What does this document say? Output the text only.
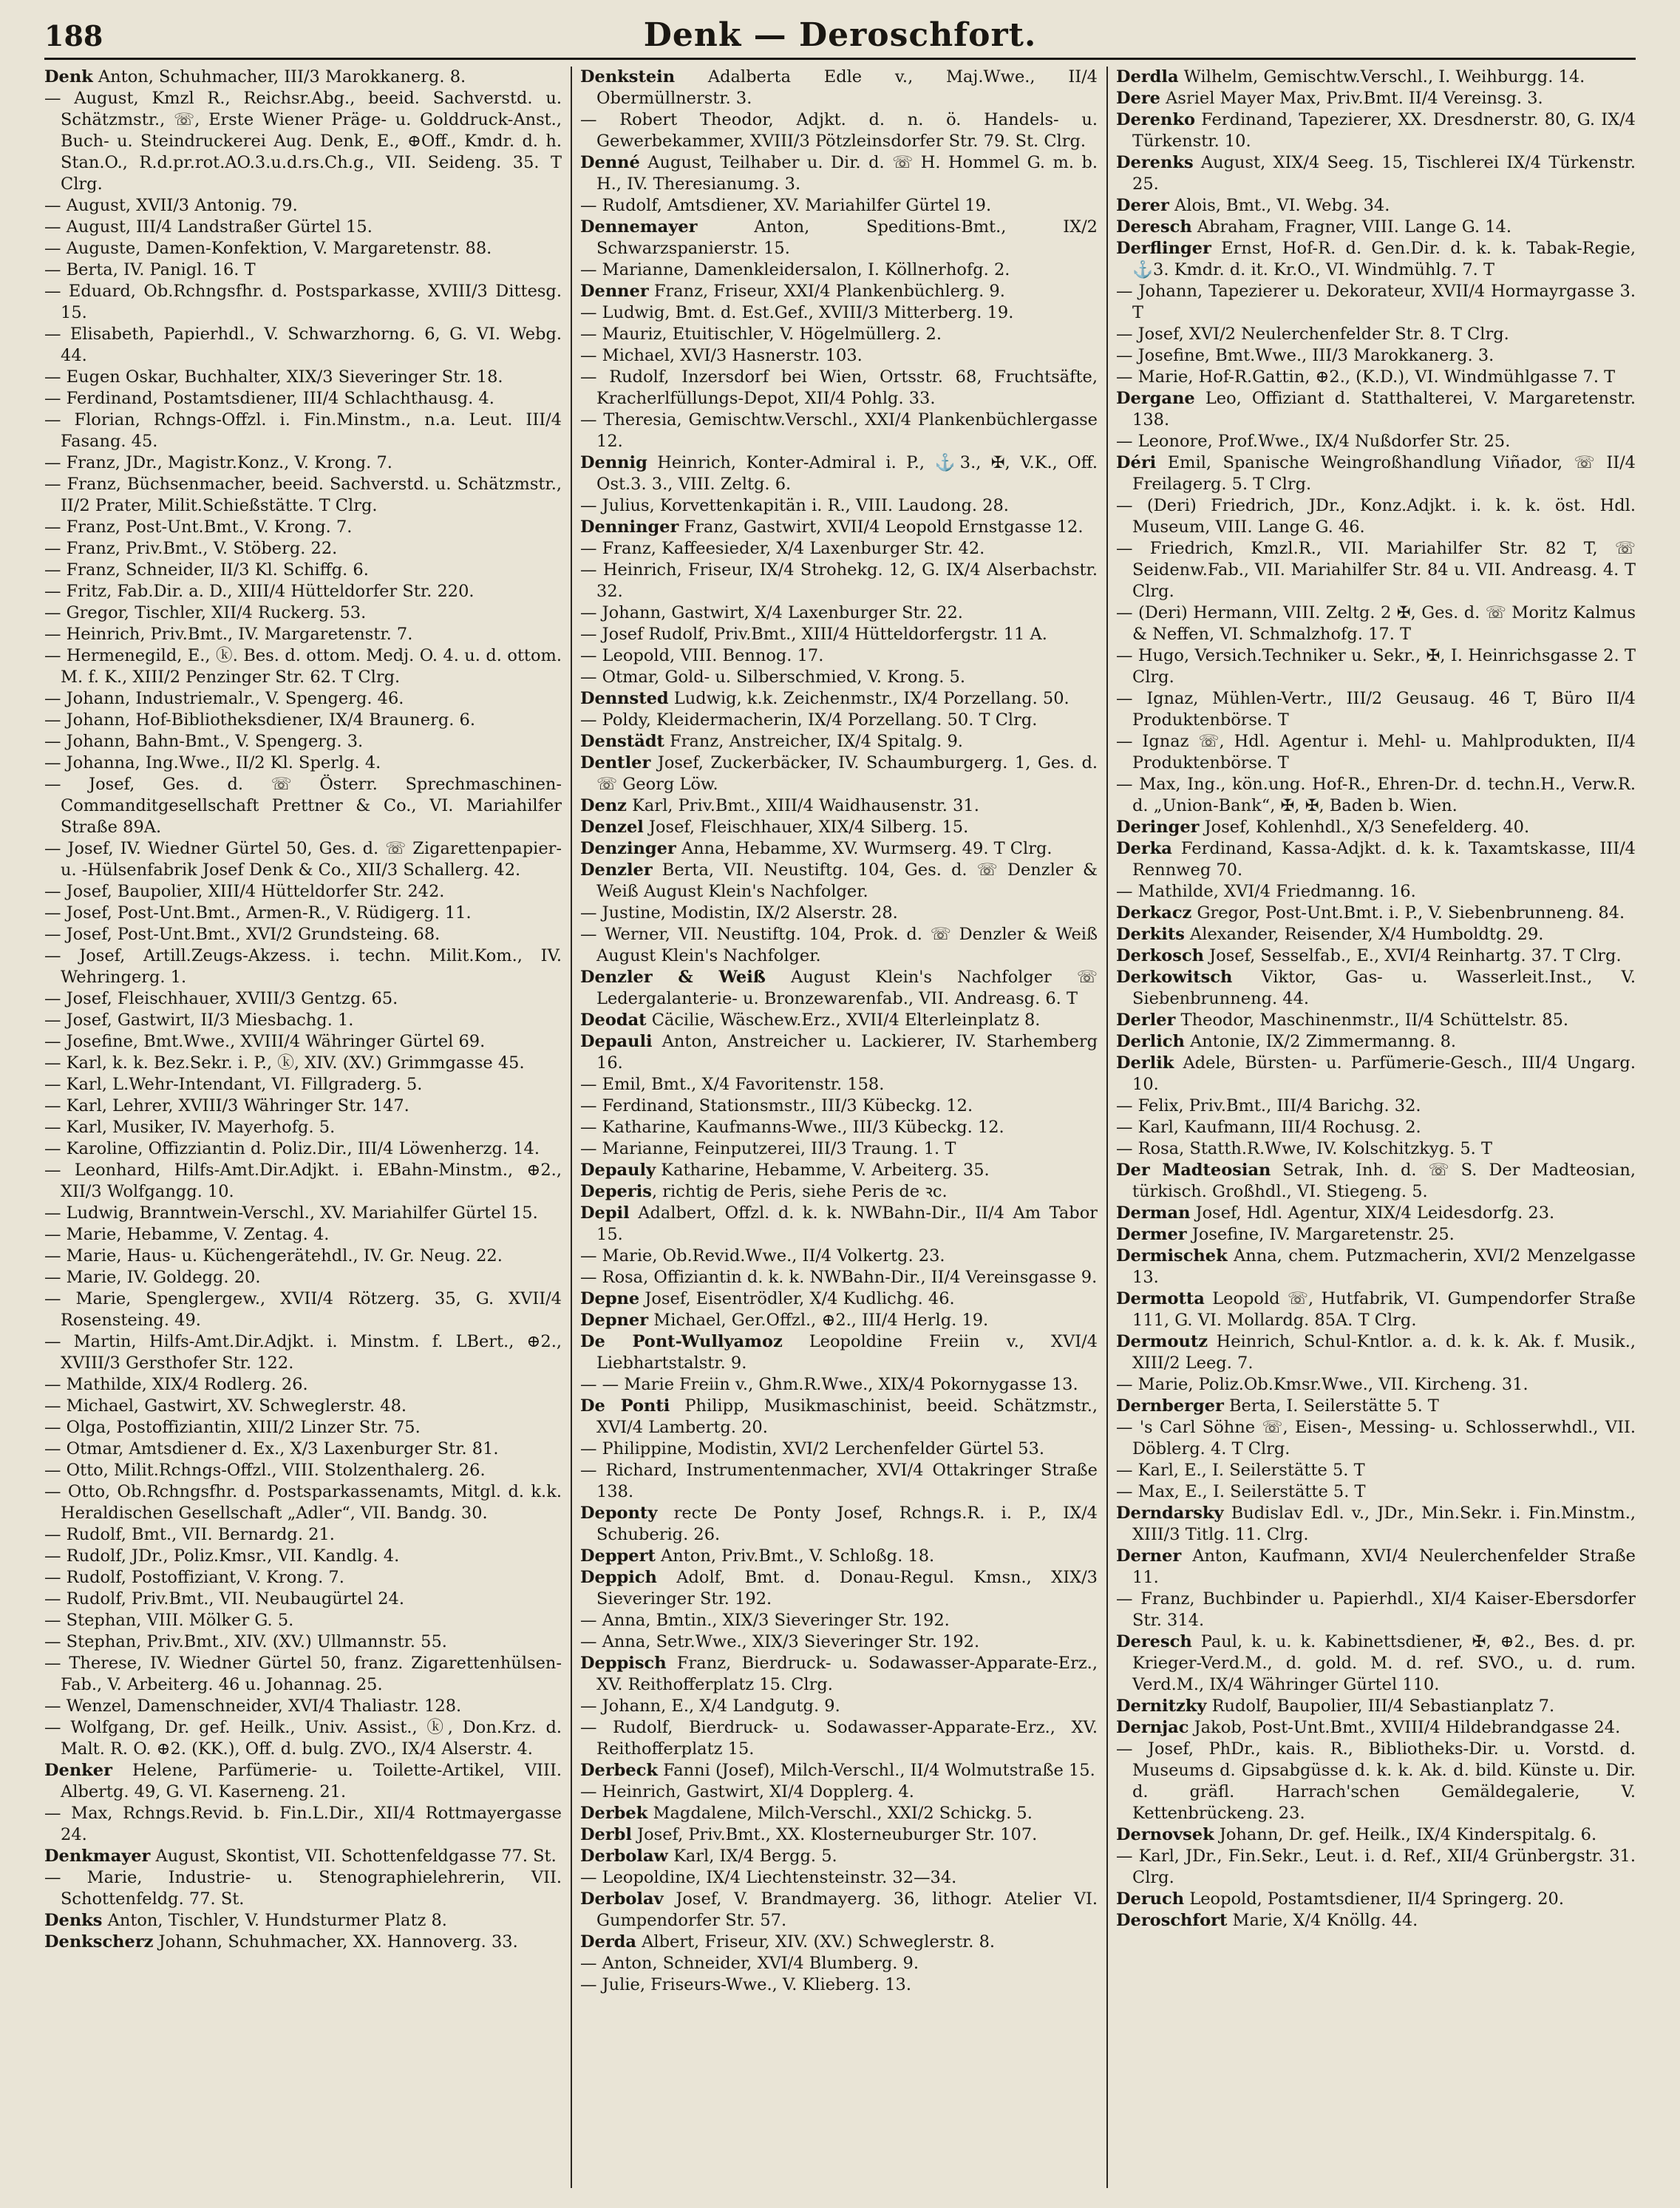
188	Denk — Deroschfort.

Denk Anton, Schuhmacher, III/3 Marokkanerg. 8.

— August, Kmzl R., Reichsr.Abg., beeid. Sachverstd. u. Schätzmstr., ☏, Erste Wiener Präge- u. Golddruck-Anst., Buch- u. Steindruckerei Aug. Denk, E., ⊕Off., Kmdr. d. h. Stan.O., R.d.pr.rot.AO.3.u.d.rs.Ch.g., VII. Seideng. 35. T Clrg.

— August, XVII/3 Antonig. 79.

— August, III/4 Landstraßer Gürtel 15.

— Auguste, Damen-Konfektion, V. Margaretenstr. 88.

— Berta, IV. Panigl. 16. T

— Eduard, Ob.Rchngsfhr. d. Postsparkasse, XVIII/3 Dittesg. 15.

— Elisabeth, Papierhdl., V. Schwarzhorng. 6, G. VI. Webg. 44.

— Eugen Oskar, Buchhalter, XIX/3 Sieveringer Str. 18.

— Ferdinand, Postamtsdiener, III/4 Schlachthausg. 4.

— Florian, Rchngs-Offzl. i. Fin.Minstm., n.a. Leut. III/4 Fasang. 45.

— Franz, JDr., Magistr.Konz., V. Krong. 7.

— Franz, Büchsenmacher, beeid. Sachverstd. u. Schätzmstr., II/2 Prater, Milit.Schießstätte. T Clrg.

— Franz, Post-Unt.Bmt., V. Krong. 7.

— Franz, Priv.Bmt., V. Stöberg. 22.

— Franz, Schneider, II/3 Kl. Schiffg. 6.

— Fritz, Fab.Dir. a. D., XIII/4 Hütteldorfer Str. 220.

— Gregor, Tischler, XII/4 Ruckerg. 53.

— Heinrich, Priv.Bmt., IV. Margaretenstr. 7.

— Hermenegild, E., ⓚ. Bes. d. ottom. Medj. O. 4. u. d. ottom. M. f. K., XIII/2 Penzinger Str. 62. T Clrg.

— Johann, Industriemalr., V. Spengerg. 46.

— Johann, Hof-Bibliotheksdiener, IX/4 Braunerg. 6.

— Johann, Bahn-Bmt., V. Spengerg. 3.

— Johanna, Ing.Wwe., II/2 Kl. Sperlg. 4.

— Josef, Ges. d. ☏ Österr. Sprechmaschinen-Commanditgesellschaft Prettner & Co., VI. Mariahilfer Straße 89A.

— Josef, IV. Wiedner Gürtel 50, Ges. d. ☏ Zigarettenpapier- u. -Hülsenfabrik Josef Denk & Co., XII/3 Schallerg. 42.

— Josef, Baupolier, XIII/4 Hütteldorfer Str. 242.

— Josef, Post-Unt.Bmt., Armen-R., V. Rüdigerg. 11.

— Josef, Post-Unt.Bmt., XVI/2 Grundsteing. 68.

— Josef, Artill.Zeugs-Akzess. i. techn. Milit.Kom., IV. Wehringerg. 1.

— Josef, Fleischhauer, XVIII/3 Gentzg. 65.

— Josef, Gastwirt, II/3 Miesbachg. 1.

— Josefine, Bmt.Wwe., XVIII/4 Währinger Gürtel 69.

— Karl, k. k. Bez.Sekr. i. P., ⓚ, XIV. (XV.) Grimmgasse 45.

— Karl, L.Wehr-Intendant, VI. Fillgraderg. 5.

— Karl, Lehrer, XVIII/3 Währinger Str. 147.

— Karl, Musiker, IV. Mayerhofg. 5.

— Karoline, Offizziantin d. Poliz.Dir., III/4 Löwenherzg. 14.

— Leonhard, Hilfs-Amt.Dir.Adjkt. i. EBahn-Minstm., ⊕2., XII/3 Wolfgangg. 10.

— Ludwig, Branntwein-Verschl., XV. Mariahilfer Gürtel 15.

— Marie, Hebamme, V. Zentag. 4.

— Marie, Haus- u. Küchengerätehdl., IV. Gr. Neug. 22.

— Marie, IV. Goldegg. 20.

— Marie, Spenglergew., XVII/4 Rötzerg. 35, G. XVII/4 Rosensteing. 49.

— Martin, Hilfs-Amt.Dir.Adjkt. i. Minstm. f. LBert., ⊕2., XVIII/3 Gersthofer Str. 122.

— Mathilde, XIX/4 Rodlerg. 26.

— Michael, Gastwirt, XV. Schweglerstr. 48.

— Olga, Postoffiziantin, XIII/2 Linzer Str. 75.

— Otmar, Amtsdiener d. Ex., X/3 Laxenburger Str. 81.

— Otto, Milit.Rchngs-Offzl., VIII. Stolzenthalerg. 26.

— Otto, Ob.Rchngsfhr. d. Postsparkassenamts, Mitgl. d. k.k. Heraldischen Gesellschaft „Adler“, VII. Bandg. 30.

— Rudolf, Bmt., VII. Bernardg. 21.

— Rudolf, JDr., Poliz.Kmsr., VII. Kandlg. 4.

— Rudolf, Postoffiziant, V. Krong. 7.

— Rudolf, Priv.Bmt., VII. Neubaugürtel 24.

— Stephan, VIII. Mölker G. 5.

— Stephan, Priv.Bmt., XIV. (XV.) Ullmannstr. 55.

— Therese, IV. Wiedner Gürtel 50, franz. Zigarettenhülsen-Fab., V. Arbeiterg. 46 u. Johannag. 25.

— Wenzel, Damenschneider, XVI/4 Thaliastr. 128.

— Wolfgang, Dr. gef. Heilk., Univ. Assist., ⓚ, Don.Krz. d. Malt. R. O. ⊕2. (KK.), Off. d. bulg. ZVO., IX/4 Alserstr. 4.

Denker Helene, Parfümerie- u. Toilette-Artikel, VIII. Albertg. 49, G. VI. Kaserneng. 21.

— Max, Rchngs.Revid. b. Fin.L.Dir., XII/4 Rottmayergasse 24.

Denkmayer August, Skontist, VII. Schottenfeldgasse 77. St.

— Marie, Industrie- u. Stenographielehrerin, VII. Schottenfeldg. 77. St.

Denks Anton, Tischler, V. Hundsturmer Platz 8.

Denkscherz Johann, Schuhmacher, XX. Hannoverg. 33.

Denkstein Adalberta Edle v., Maj.Wwe., II/4 Obermüllnerstr. 3.

— Robert Theodor, Adjkt. d. n. ö. Handels- u. Gewerbekammer, XVIII/3 Pötzleinsdorfer Str. 79. St. Clrg.

Denné August, Teilhaber u. Dir. d. ☏ H. Hommel G. m. b. H., IV. Theresianumg. 3.

— Rudolf, Amtsdiener, XV. Mariahilfer Gürtel 19.

Dennemayer Anton, Speditions-Bmt., IX/2 Schwarzspanierstr. 15.

— Marianne, Damenkleidersalon, I. Köllnerhofg. 2.

Denner Franz, Friseur, XXI/4 Plankenbüchlerg. 9.

— Ludwig, Bmt. d. Est.Gef., XVIII/3 Mitterberg. 19.

— Mauriz, Etuitischler, V. Högelmüllerg. 2.

— Michael, XVI/3 Hasnerstr. 103.

— Rudolf, Inzersdorf bei Wien, Ortsstr. 68, Fruchtsäfte, Kracherlfüllungs-Depot, XII/4 Pohlg. 33.

— Theresia, Gemischtw.Verschl., XXI/4 Plankenbüchlergasse 12.

Dennig Heinrich, Konter-Admiral i. P., ⚓3., ✠, V.K., Off. Ost.3. 3., VIII. Zeltg. 6.

— Julius, Korvettenkapitän i. R., VIII. Laudong. 28.

Denninger Franz, Gastwirt, XVII/4 Leopold Ernstgasse 12.

— Franz, Kaffeesieder, X/4 Laxenburger Str. 42.

— Heinrich, Friseur, IX/4 Strohekg. 12, G. IX/4 Alserbachstr. 32.

— Johann, Gastwirt, X/4 Laxenburger Str. 22.

— Josef Rudolf, Priv.Bmt., XIII/4 Hütteldorfergstr. 11 A.

— Leopold, VIII. Bennog. 17.

— Otmar, Gold- u. Silberschmied, V. Krong. 5.

Dennsted Ludwig, k.k. Zeichenmstr., IX/4 Porzellang. 50.

— Poldy, Kleidermacherin, IX/4 Porzellang. 50. T Clrg.

Denstädt Franz, Anstreicher, IX/4 Spitalg. 9.

Dentler Josef, Zuckerbäcker, IV. Schaumburgerg. 1, Ges. d. ☏ Georg Löw.

Denz Karl, Priv.Bmt., XIII/4 Waidhausenstr. 31.

Denzel Josef, Fleischhauer, XIX/4 Silberg. 15.

Denzinger Anna, Hebamme, XV. Wurmserg. 49. T Clrg.

Denzler Berta, VII. Neustiftg. 104, Ges. d. ☏ Denzler & Weiß August Klein's Nachfolger.

— Justine, Modistin, IX/2 Alserstr. 28.

— Werner, VII. Neustiftg. 104, Prok. d. ☏ Denzler & Weiß August Klein's Nachfolger.

Denzler & Weiß August Klein's Nachfolger ☏ Ledergalanterie- u. Bronzewarenfab., VII. Andreasg. 6. T

Deodat Cäcilie, Wäschew.Erz., XVII/4 Elterleinplatz 8.

Depauli Anton, Anstreicher u. Lackierer, IV. Starhemberg 16.

— Emil, Bmt., X/4 Favoritenstr. 158.

— Ferdinand, Stationsmstr., III/3 Kübeckg. 12.

— Katharine, Kaufmanns-Wwe., III/3 Kübeckg. 12.

— Marianne, Feinputzerei, III/3 Traung. 1. T

Depauly Katharine, Hebamme, V. Arbeiterg. 35.

Deperis, richtig de Peris, siehe Peris de ꝛc.

Depil Adalbert, Offzl. d. k. k. NWBahn-Dir., II/4 Am Tabor 15.

— Marie, Ob.Revid.Wwe., II/4 Volkertg. 23.

— Rosa, Offiziantin d. k. k. NWBahn-Dir., II/4 Vereinsgasse 9.

Depne Josef, Eisentrödler, X/4 Kudlichg. 46.

Depner Michael, Ger.Offzl., ⊕2., III/4 Herlg. 19.

De Pont-Wullyamoz Leopoldine Freiin v., XVI/4 Liebhartstalstr. 9.

— — Marie Freiin v., Ghm.R.Wwe., XIX/4 Pokornygasse 13.

De Ponti Philipp, Musikmaschinist, beeid. Schätzmstr., XVI/4 Lambertg. 20.

— Philippine, Modistin, XVI/2 Lerchenfelder Gürtel 53.

— Richard, Instrumentenmacher, XVI/4 Ottakringer Straße 138.

Deponty recte De Ponty Josef, Rchngs.R. i. P., IX/4 Schuberig. 26.

Deppert Anton, Priv.Bmt., V. Schloßg. 18.

Deppich Adolf, Bmt. d. Donau-Regul. Kmsn., XIX/3 Sieveringer Str. 192.

— Anna, Bmtin., XIX/3 Sieveringer Str. 192.

— Anna, Setr.Wwe., XIX/3 Sieveringer Str. 192.

Deppisch Franz, Bierdruck- u. Sodawasser-Apparate-Erz., XV. Reithofferplatz 15. Clrg.

— Johann, E., X/4 Landgutg. 9.

— Rudolf, Bierdruck- u. Sodawasser-Apparate-Erz., XV. Reithofferplatz 15.

Derbeck Fanni (Josef), Milch-Verschl., II/4 Wolmutstraße 15.

— Heinrich, Gastwirt, XI/4 Dopplerg. 4.

Derbek Magdalene, Milch-Verschl., XXI/2 Schickg. 5.

Derbl Josef, Priv.Bmt., XX. Klosterneuburger Str. 107.

Derbolaw Karl, IX/4 Bergg. 5.

— Leopoldine, IX/4 Liechtensteinstr. 32—34.

Derbolav Josef, V. Brandmayerg. 36, lithogr. Atelier VI. Gumpendorfer Str. 57.

Derda Albert, Friseur, XIV. (XV.) Schweglerstr. 8.

— Anton, Schneider, XVI/4 Blumberg. 9.

— Julie, Friseurs-Wwe., V. Klieberg. 13.

Derdla Wilhelm, Gemischtw.Verschl., I. Weihburgg. 14.

Dere Asriel Mayer Max, Priv.Bmt. II/4 Vereinsg. 3.

Derenko Ferdinand, Tapezierer, XX. Dresdnerstr. 80, G. IX/4 Türkenstr. 10.

Derenks August, XIX/4 Seeg. 15, Tischlerei IX/4 Türkenstr. 25.

Derer Alois, Bmt., VI. Webg. 34.

Deresch Abraham, Fragner, VIII. Lange G. 14.

Derflinger Ernst, Hof-R. d. Gen.Dir. d. k. k. Tabak-Regie, ⚓3. Kmdr. d. it. Kr.O., VI. Windmühlg. 7. T

— Johann, Tapezierer u. Dekorateur, XVII/4 Hormayrgasse 3. T

— Josef, XVI/2 Neulerchenfelder Str. 8. T Clrg.

— Josefine, Bmt.Wwe., III/3 Marokkanerg. 3.

— Marie, Hof-R.Gattin, ⊕2., (K.D.), VI. Windmühlgasse 7. T

Dergane Leo, Offiziant d. Statthalterei, V. Margaretenstr. 138.

— Leonore, Prof.Wwe., IX/4 Nußdorfer Str. 25.

Déri Emil, Spanische Weingroßhandlung Viñador, ☏ II/4 Freilagerg. 5. T Clrg.

— (Deri) Friedrich, JDr., Konz.Adjkt. i. k. k. öst. Hdl. Museum, VIII. Lange G. 46.

— Friedrich, Kmzl.R., VII. Mariahilfer Str. 82 T, ☏ Seidenw.Fab., VII. Mariahilfer Str. 84 u. VII. Andreasg. 4. T Clrg.

— (Deri) Hermann, VIII. Zeltg. 2 ✠, Ges. d. ☏ Moritz Kalmus & Neffen, VI. Schmalzhofg. 17. T

— Hugo, Versich.Techniker u. Sekr., ✠, I. Heinrichsgasse 2. T Clrg.

— Ignaz, Mühlen-Vertr., III/2 Geusaug. 46 T, Büro II/4 Produktenbörse. T

— Ignaz ☏, Hdl. Agentur i. Mehl- u. Mahlprodukten, II/4 Produktenbörse. T

— Max, Ing., kön.ung. Hof-R., Ehren-Dr. d. techn.H., Verw.R. d. „Union-Bank“, ✠, ✠, Baden b. Wien.

Deringer Josef, Kohlenhdl., X/3 Senefelderg. 40.

Derka Ferdinand, Kassa-Adjkt. d. k. k. Taxamtskasse, III/4 Rennweg 70.

— Mathilde, XVI/4 Friedmanng. 16.

Derkacz Gregor, Post-Unt.Bmt. i. P., V. Siebenbrunneng. 84.

Derkits Alexander, Reisender, X/4 Humboldtg. 29.

Derkosch Josef, Sesselfab., E., XVI/4 Reinhartg. 37. T Clrg.

Derkowitsch Viktor, Gas- u. Wasserleit.Inst., V. Siebenbrunneng. 44.

Derler Theodor, Maschinenmstr., II/4 Schüttelstr. 85.

Derlich Antonie, IX/2 Zimmermanng. 8.

Derlik Adele, Bürsten- u. Parfümerie-Gesch., III/4 Ungarg. 10.

— Felix, Priv.Bmt., III/4 Barichg. 32.

— Karl, Kaufmann, III/4 Rochusg. 2.

— Rosa, Statth.R.Wwe, IV. Kolschitzkyg. 5. T

Der Madteosian Setrak, Inh. d. ☏ S. Der Madteosian, türkisch. Großhdl., VI. Stiegeng. 5.

Derman Josef, Hdl. Agentur, XIX/4 Leidesdorfg. 23.

Dermer Josefine, IV. Margaretenstr. 25.

Dermischek Anna, chem. Putzmacherin, XVI/2 Menzelgasse 13.

Dermotta Leopold ☏, Hutfabrik, VI. Gumpendorfer Straße 111, G. VI. Mollardg. 85A. T Clrg.

Dermoutz Heinrich, Schul-Kntlor. a. d. k. k. Ak. f. Musik., XIII/2 Leeg. 7.

— Marie, Poliz.Ob.Kmsr.Wwe., VII. Kircheng. 31.

Dernberger Berta, I. Seilerstätte 5. T

— 's Carl Söhne ☏, Eisen-, Messing- u. Schlosserwhdl., VII. Döblerg. 4. T Clrg.

— Karl, E., I. Seilerstätte 5. T

— Max, E., I. Seilerstätte 5. T

Derndarsky Budislav Edl. v., JDr., Min.Sekr. i. Fin.Minstm., XIII/3 Titlg. 11. Clrg.

Derner Anton, Kaufmann, XVI/4 Neulerchenfelder Straße 11.

— Franz, Buchbinder u. Papierhdl., XI/4 Kaiser-Ebersdorfer Str. 314.

Deresch Paul, k. u. k. Kabinettsdiener, ✠, ⊕2., Bes. d. pr. Krieger-Verd.M., d. gold. M. d. ref. SVO., u. d. rum. Verd.M., IX/4 Währinger Gürtel 110.

Dernitzky Rudolf, Baupolier, III/4 Sebastianplatz 7.

Dernjac Jakob, Post-Unt.Bmt., XVIII/4 Hildebrandgasse 24.

— Josef, PhDr., kais. R., Bibliotheks-Dir. u. Vorstd. d. Museums d. Gipsabgüsse d. k. k. Ak. d. bild. Künste u. Dir. d. gräfl. Harrach'schen Gemäldegalerie, V. Kettenbrückeng. 23.

Dernovsek Johann, Dr. gef. Heilk., IX/4 Kinderspitalg. 6.

— Karl, JDr., Fin.Sekr., Leut. i. d. Ref., XII/4 Grünbergstr. 31. Clrg.

Deruch Leopold, Postamtsdiener, II/4 Springerg. 20.

Deroschfort Marie, X/4 Knöllg. 44.
